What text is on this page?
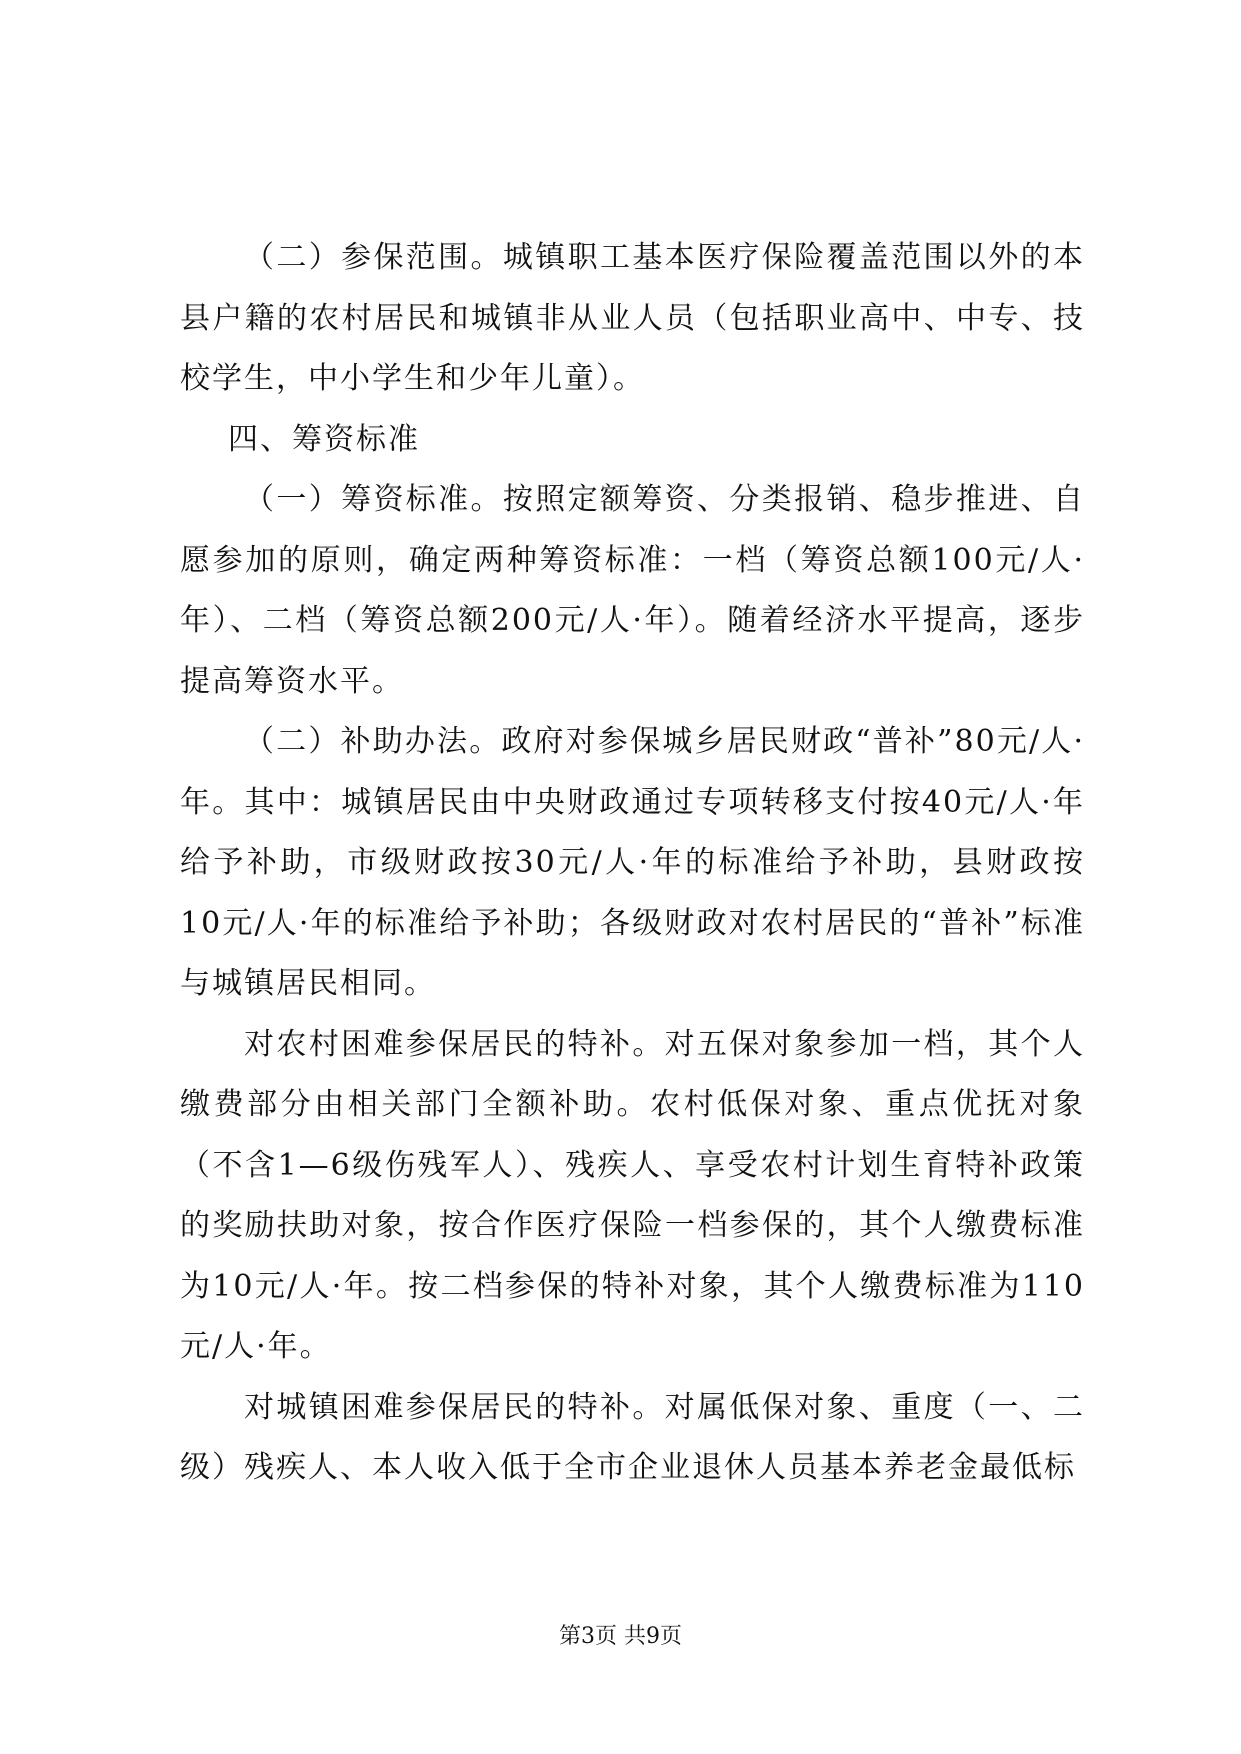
（二）参保范围。城镇职工基本医疗保险覆盖范围以外的本县户籍的农村居民和城镇非从业人员（包括职业高中、中专、技校学生，中小学生和少年儿童）。

四、筹资标准

（一）筹资标准。按照定额筹资、分类报销、稳步推进、自愿参加的原则，确定两种筹资标准：一档（筹资总额100元/人·年）、二档（筹资总额200元/人·年）。随着经济水平提高，逐步提高筹资水平。

（二）补助办法。政府对参保城乡居民财政“普补”80元/人·年。其中：城镇居民由中央财政通过专项转移支付按40元/人·年给予补助，市级财政按30元/人·年的标准给予补助，县财政按10元/人·年的标准给予补助；各级财政对农村居民的“普补”标准与城镇居民相同。

对农村困难参保居民的特补。对五保对象参加一档，其个人缴费部分由相关部门全额补助。农村低保对象、重点优抚对象（不含1—6级伤残军人）、残疾人、享受农村计划生育特补政策的奖励扶助对象，按合作医疗保险一档参保的，其个人缴费标准为10元/人·年。按二档参保的特补对象，其个人缴费标准为110元/人·年。

对城镇困难参保居民的特补。对属低保对象、重度（一、二级）残疾人、本人收入低于全市企业退休人员基本养老金最低标

第3页 共9页
